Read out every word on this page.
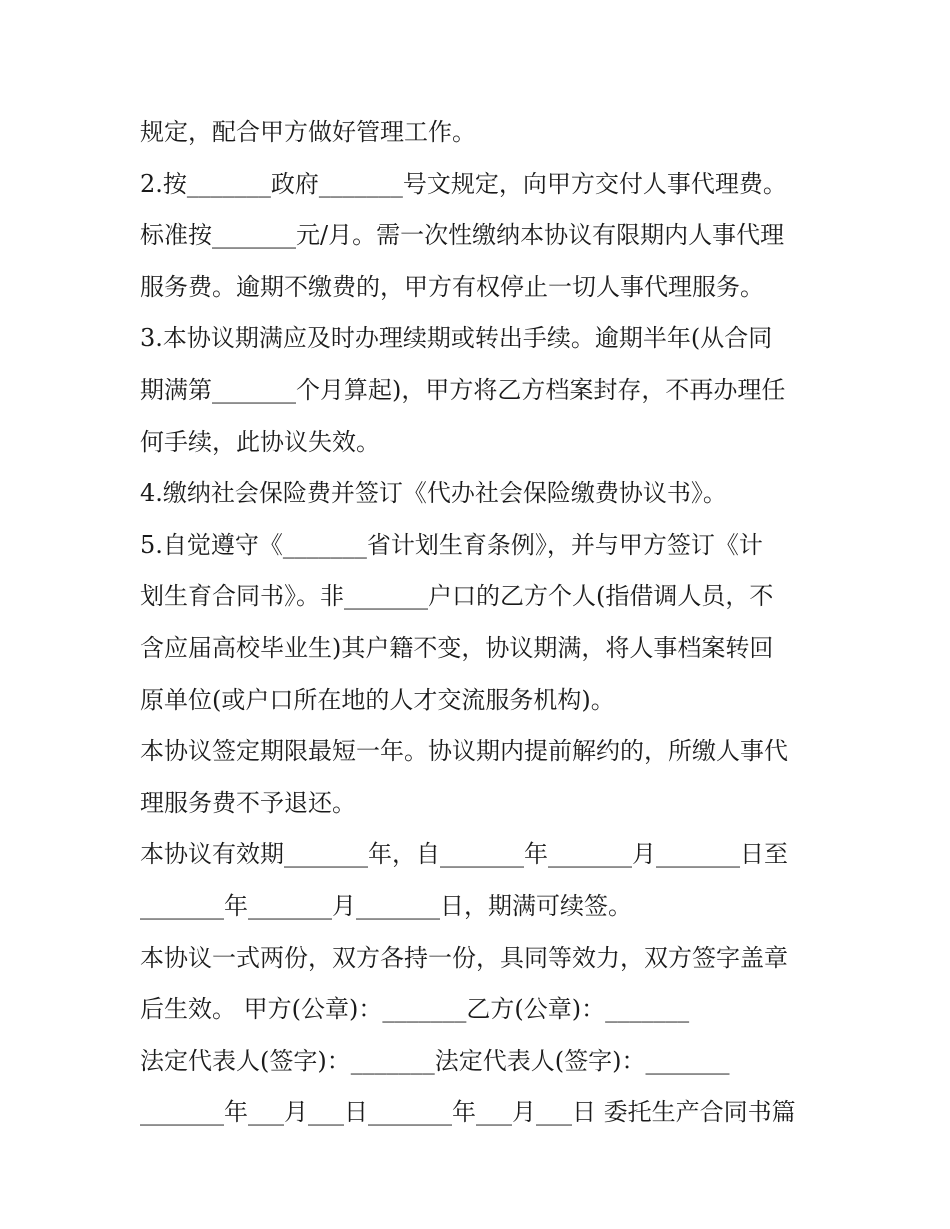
规定，配合甲方做好管理工作。
2.按_______政府_______号文规定，向甲方交付人事代理费。
标准按_______元/月。需一次性缴纳本协议有限期内人事代理
服务费。逾期不缴费的，甲方有权停止一切人事代理服务。
3.本协议期满应及时办理续期或转出手续。逾期半年(从合同
期满第_______个月算起)，甲方将乙方档案封存，不再办理任
何手续，此协议失效。
4.缴纳社会保险费并签订《代办社会保险缴费协议书》。
5.自觉遵守《_______省计划生育条例》，并与甲方签订《计
划生育合同书》。非_______户口的乙方个人(指借调人员，不
含应届高校毕业生)其户籍不变，协议期满，将人事档案转回
原单位(或户口所在地的人才交流服务机构)。
本协议签定期限最短一年。协议期内提前解约的，所缴人事代
理服务费不予退还。
本协议有效期_______年，自_______年_______月_______日至
_______年_______月_______日，期满可续签。
本协议一式两份，双方各持一份，具同等效力，双方签字盖章
后生效。 甲方(公章)：_______乙方(公章)：_______
法定代表人(签字)：_______法定代表人(签字)：_______
_______年___月___日_______年___月___日 委托生产合同书篇
